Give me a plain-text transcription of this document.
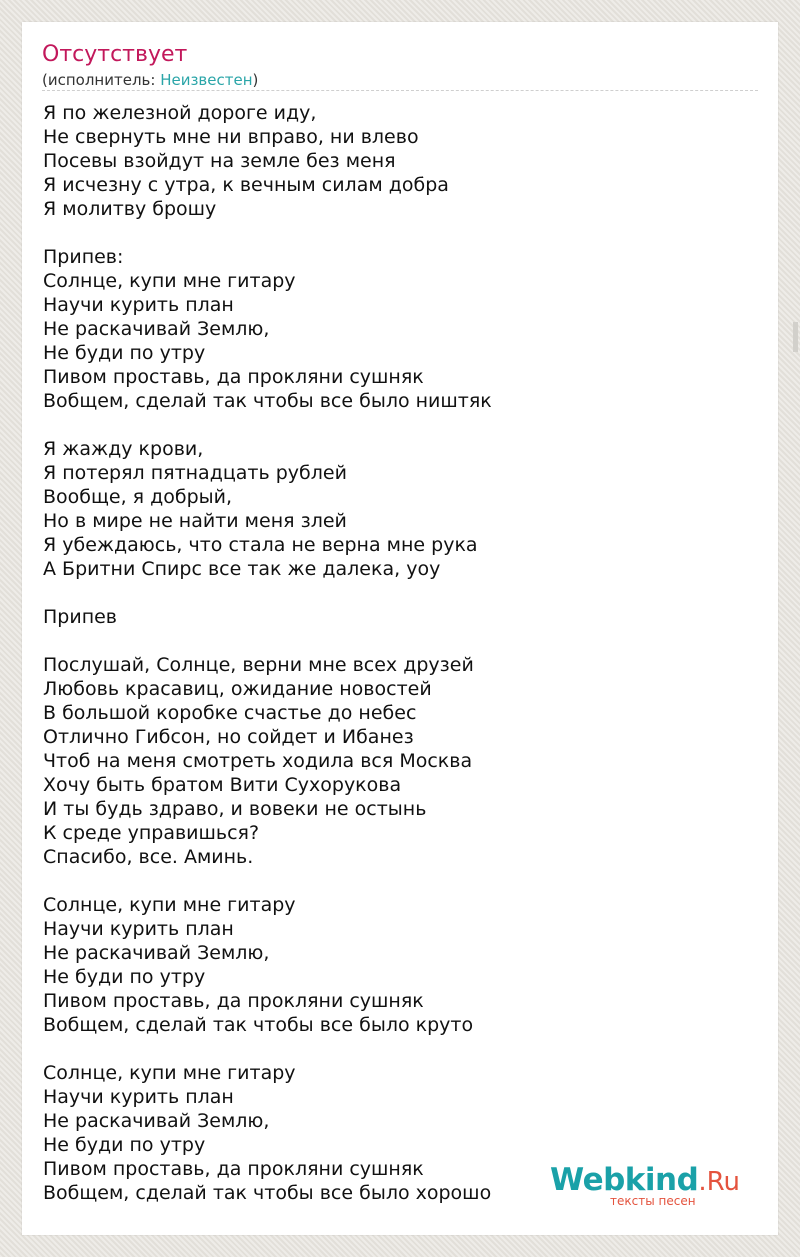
Отсутствует
(исполнитель: Неизвестен)
Я по железной дороге иду,
Не свернуть мне ни вправо, ни влево
Посевы взойдут на земле без меня
Я исчезну с утра, к вечным силам добра
Я молитву брошу
Припев:
Солнце, купи мне гитару
Научи курить план
Не раскачивай Землю,
Не буди по утру
Пивом проставь, да прокляни сушняк
Вобщем, сделай так чтобы все было ништяк
Я жажду крови,
Я потерял пятнадцать рублей
Вообще, я добрый,
Но в мире не найти меня злей
Я убеждаюсь, что стала не верна мне рука
А Бритни Спирс все так же далека, уоу
Припев
Послушай, Солнце, верни мне всех друзей
Любовь красавиц, ожидание новостей
В большой коробке счастье до небес
Отлично Гибсон, но сойдет и Ибанез
Чтоб на меня смотреть ходила вся Москва
Хочу быть братом Вити Сухорукова
И ты будь здраво, и вовеки не остынь
К среде управишься?
Спасибо, все. Аминь.
Солнце, купи мне гитару
Научи курить план
Не раскачивай Землю,
Не буди по утру
Пивом проставь, да прокляни сушняк
Вобщем, сделай так чтобы все было круто
Солнце, купи мне гитару
Научи курить план
Не раскачивай Землю,
Не буди по утру
Пивом проставь, да прокляни сушняк
Вобщем, сделай так чтобы все было хорошо Webkind.Ru
тексты песен
